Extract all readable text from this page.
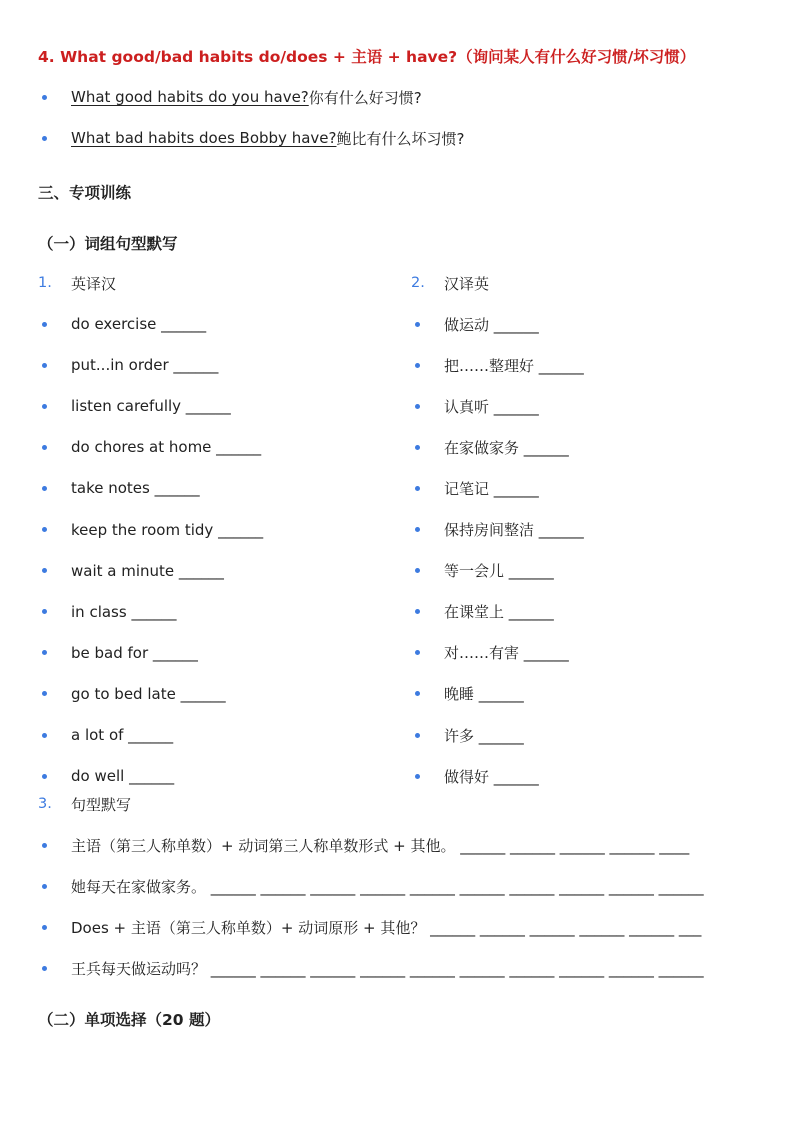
4. What good/bad habits do/does + 主语 + have?（询问某人有什么好习惯/坏习惯）
What good habits do you have? 你有什么好习惯?
What bad habits does Bobby have? 鲍比有什么坏习惯?
三、专项训练
（一）词组句型默写
1.	英译汉	2.	汉译英
do exercise ______
put...in order ______
listen carefully ______
do chores at home ______
take notes ______
keep the room tidy ______
wait a minute ______
in class ______
be bad for ______
go to bed late ______
a lot of ______
do well ______
做运动 ______
把……整理好 ______
认真听 ______
在家做家务 ______
记笔记 ______
保持房间整洁 ______
等一会儿 ______
在课堂上 ______
对……有害 ______
晚睡 ______
许多 ______
做得好 ______
3.	句型默写
主语（第三人称单数）+ 动词第三人称单数形式 + 其他。 ______ ______ ______ ______ ____
她每天在家做家务。 ______ ______ ______ ______ ______ ______ ______ ______ ______ ______
Does + 主语（第三人称单数）+ 动词原形 + 其他？ ______ ______ ______ ______ ______ ___
王兵每天做运动吗？ ______ ______ ______ ______ ______ ______ ______ ______ ______ ______
（二）单项选择（20 题）
